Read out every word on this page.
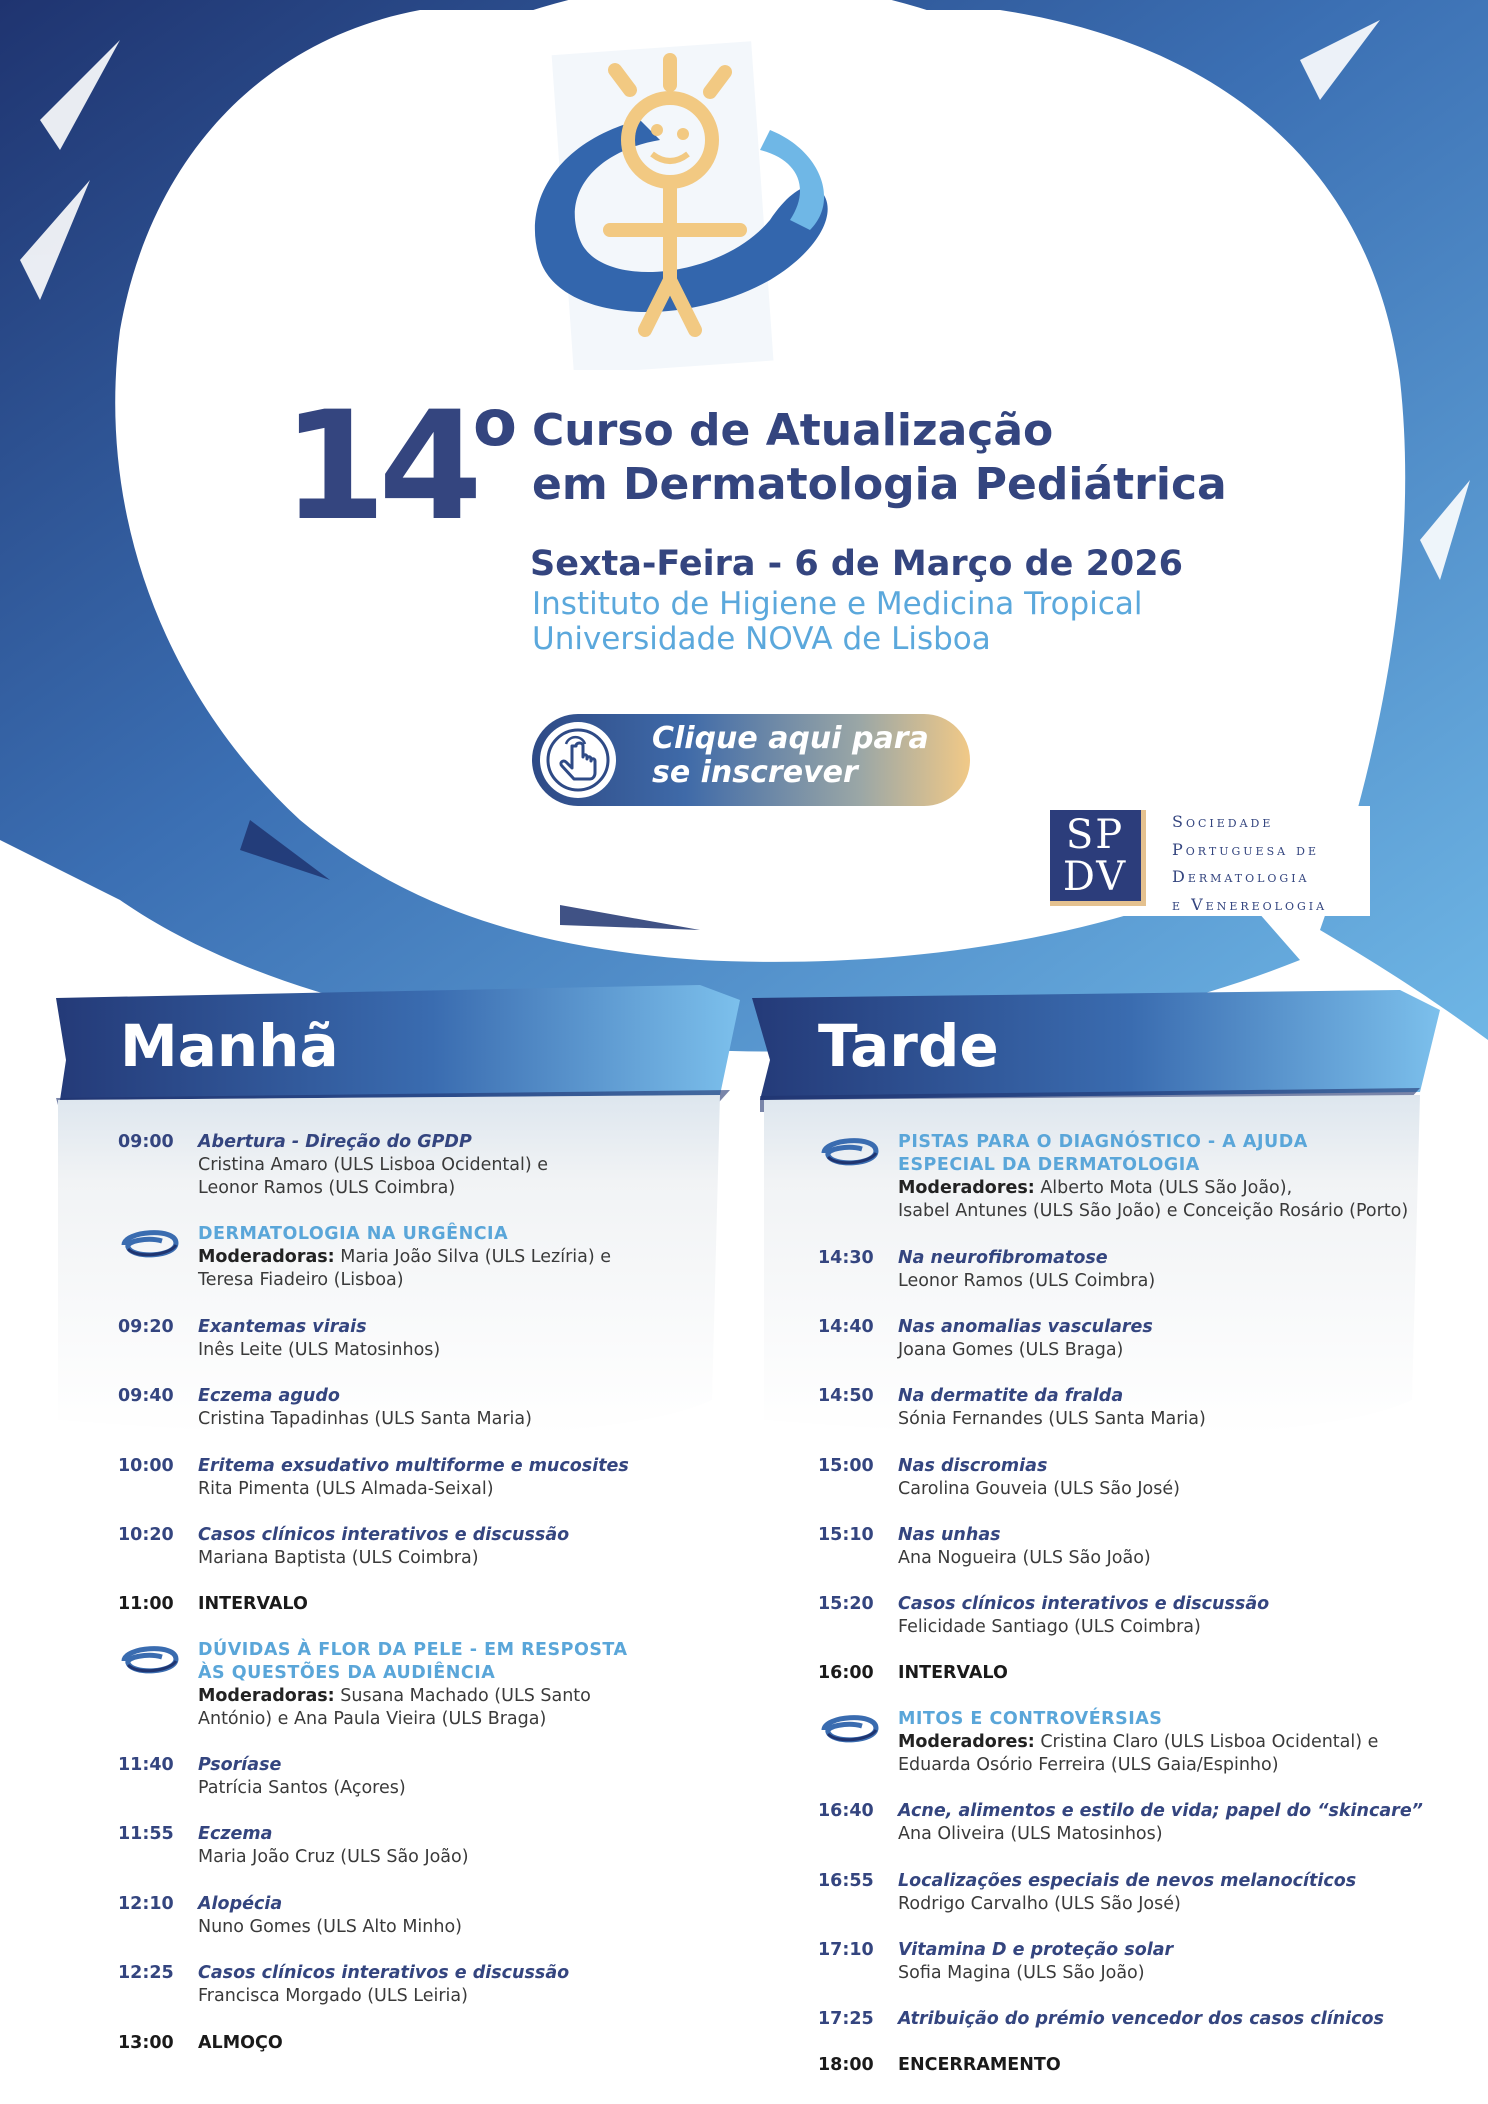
14
o Curso de Atualização
em Dermatologia Pediátrica
Sexta-Feira - 6 de Março de 2026
Instituto de Higiene e Medicina Tropical
Universidade NOVA de Lisboa
Clique aqui para
se inscrever
SP
DV
Sociedade
Portuguesa de
Dermatologia
e Venereologia
Manhã	Tarde
09:00 Abertura - Direção do GPDP
Cristina Amaro (ULS Lisboa Ocidental) e
Leonor Ramos (ULS Coimbra)
DERMATOLOGIA NA URGÊNCIA
Moderadoras: Maria João Silva (ULS Lezíria) e
Teresa Fiadeiro (Lisboa)
09:20 Exantemas virais
Inês Leite (ULS Matosinhos)
09:40 Eczema agudo
Cristina Tapadinhas (ULS Santa Maria)
10:00 Eritema exsudativo multiforme e mucosites
Rita Pimenta (ULS Almada-Seixal)
10:20 Casos clínicos interativos e discussão
Mariana Baptista (ULS Coimbra)
11:00 INTERVALO
DÚVIDAS À FLOR DA PELE - EM RESPOSTA
ÀS QUESTÕES DA AUDIÊNCIA
Moderadoras: Susana Machado (ULS Santo
António) e Ana Paula Vieira (ULS Braga)
11:40 Psoríase
Patrícia Santos (Açores)
11:55 Eczema
Maria João Cruz (ULS São João)
12:10 Alopécia
Nuno Gomes (ULS Alto Minho)
12:25 Casos clínicos interativos e discussão
Francisca Morgado (ULS Leiria)
13:00 ALMOÇO
PISTAS PARA O DIAGNÓSTICO - A AJUDA
ESPECIAL DA DERMATOLOGIA
Moderadores: Alberto Mota (ULS São João),
Isabel Antunes (ULS São João) e Conceição Rosário (Porto)
14:30 Na neurofibromatose
Leonor Ramos (ULS Coimbra)
14:40 Nas anomalias vasculares
Joana Gomes (ULS Braga)
14:50 Na dermatite da fralda
Sónia Fernandes (ULS Santa Maria)
15:00 Nas discromias
Carolina Gouveia (ULS São José)
15:10 Nas unhas
Ana Nogueira (ULS São João)
15:20 Casos clínicos interativos e discussão
Felicidade Santiago (ULS Coimbra)
16:00 INTERVALO
MITOS E CONTROVÉRSIAS
Moderadores: Cristina Claro (ULS Lisboa Ocidental) e
Eduarda Osório Ferreira (ULS Gaia/Espinho)
16:40 Acne, alimentos e estilo de vida; papel do “skincare”
Ana Oliveira (ULS Matosinhos)
16:55 Localizações especiais de nevos melanocíticos
Rodrigo Carvalho (ULS São José)
17:10 Vitamina D e proteção solar
Sofia Magina (ULS São João)
17:25 Atribuição do prémio vencedor dos casos clínicos
18:00 ENCERRAMENTO
